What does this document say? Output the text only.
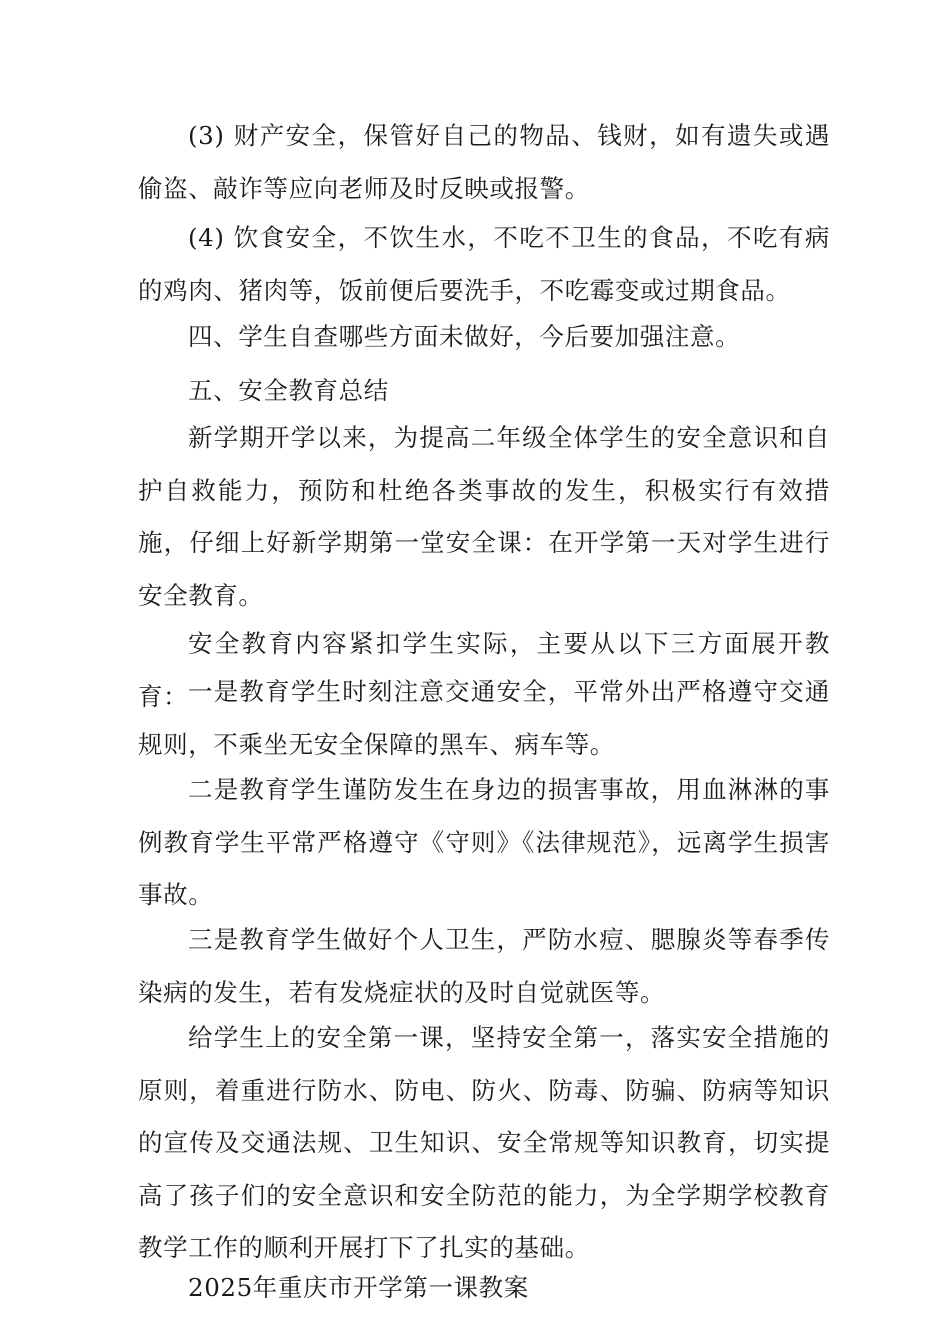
(3) 财产安全，保管好自己的物品、钱财，如有遗失或遇偷盗、敲诈等应向老师及时反映或报警。

(4) 饮食安全，不饮生水，不吃不卫生的食品，不吃有病的鸡肉、猪肉等，饭前便后要洗手，不吃霉变或过期食品。

四、学生自查哪些方面未做好，今后要加强注意。

五、安全教育总结

新学期开学以来，为提高二年级全体学生的安全意识和自护自救能力，预防和杜绝各类事故的发生，积极实行有效措施，仔细上好新学期第一堂安全课：在开学第一天对学生进行安全教育。

安全教育内容紧扣学生实际，主要从以下三方面展开教育： 一是教育学生时刻注意交通安全，平常外出严格遵守交通规则，不乘坐无安全保障的黑车、病车等。

二是教育学生谨防发生在身边的损害事故，用血淋淋的事例教育学生平常严格遵守《守则》《法律规范》，远离学生损害事故。

三是教育学生做好个人卫生，严防水痘、腮腺炎等春季传染病的发生，若有发烧症状的及时自觉就医等。

给学生上的安全第一课，坚持安全第一，落实安全措施的原则，着重进行防水、防电、防火、防毒、防骗、防病等知识的宣传及交通法规、卫生知识、安全常规等知识教育，切实提高了孩子们的安全意识和安全防范的能力，为全学期学校教育教学工作的顺利开展打下了扎实的基础。

2025年重庆市开学第一课教案
